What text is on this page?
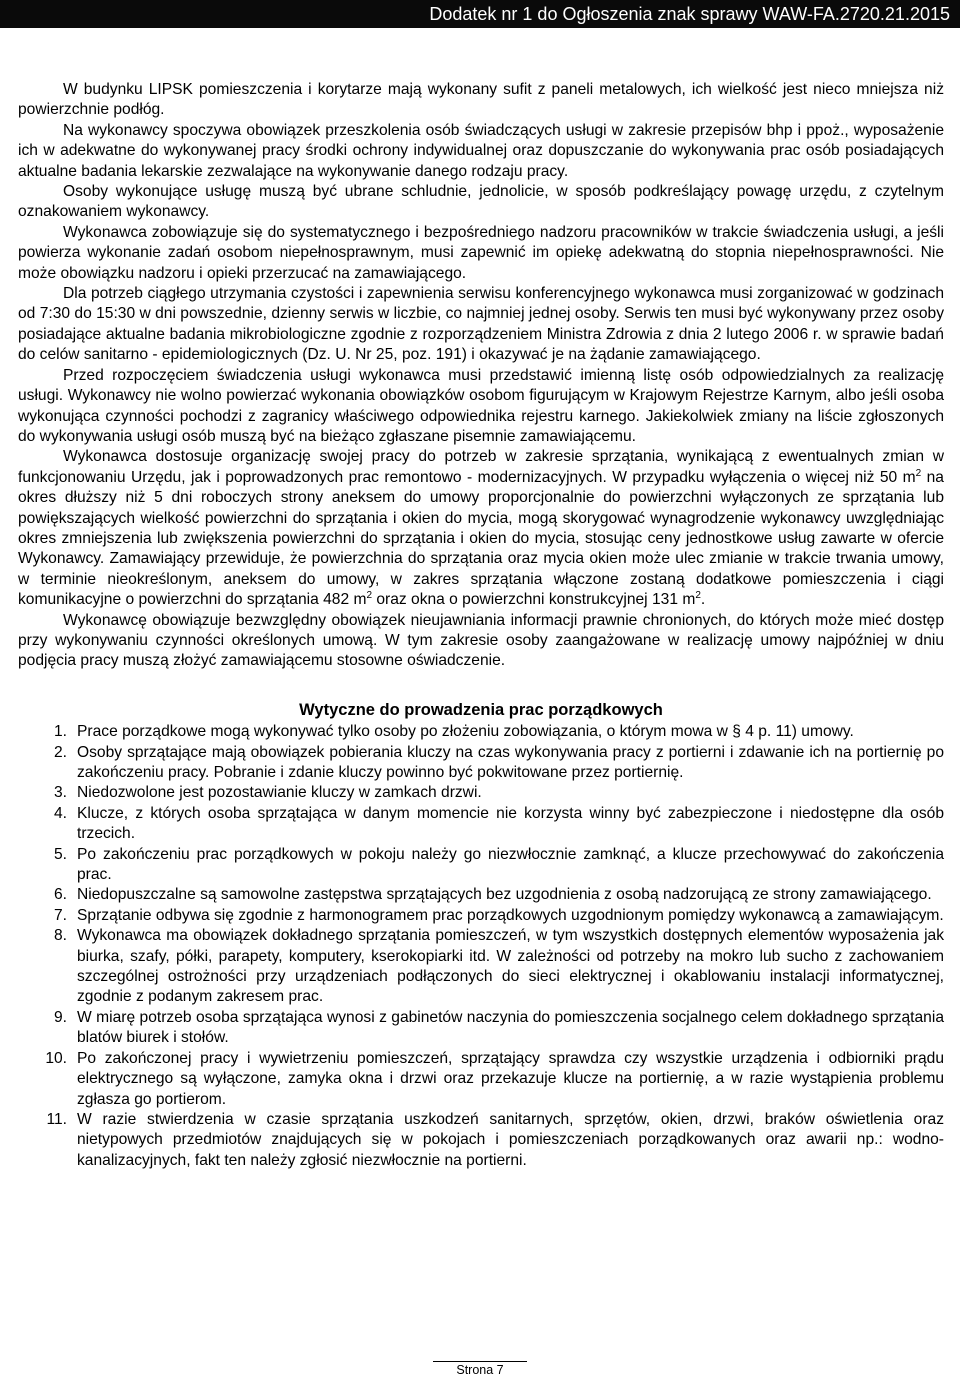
Dodatek nr 1 do Ogłoszenia znak sprawy WAW-FA.2720.21.2015

W budynku LIPSK pomieszczenia i korytarze mają wykonany sufit z paneli metalowych, ich wielkość jest nieco mniejsza niż powierzchnie podłóg.

Na wykonawcy spoczywa obowiązek przeszkolenia osób świadczących usługi w zakresie przepisów bhp i ppoż., wyposażenie ich w adekwatne do wykonywanej pracy środki ochrony indywidualnej oraz dopuszczanie do wykonywania prac osób posiadających aktualne badania lekarskie zezwalające na wykonywanie danego rodzaju pracy.

Osoby wykonujące usługę muszą być ubrane schludnie, jednolicie, w sposób podkreślający powagę urzędu, z czytelnym oznakowaniem wykonawcy.

Wykonawca zobowiązuje się do systematycznego i bezpośredniego nadzoru pracowników w trakcie świadczenia usługi, a jeśli powierza wykonanie zadań osobom niepełnosprawnym, musi zapewnić im opiekę adekwatną do stopnia niepełnosprawności. Nie może obowiązku nadzoru i opieki przerzucać na zamawiającego.

Dla potrzeb ciągłego utrzymania czystości i zapewnienia serwisu konferencyjnego wykonawca musi zorganizować w godzinach od 7:30 do 15:30 w dni powszednie, dzienny serwis w liczbie, co najmniej jednej osoby. Serwis ten musi być wykonywany przez osoby posiadające aktualne badania mikrobiologiczne zgodnie z rozporządzeniem Ministra Zdrowia z dnia 2 lutego 2006 r. w sprawie badań do celów sanitarno - epidemiologicznych (Dz. U. Nr 25, poz. 191) i okazywać je na żądanie zamawiającego.

Przed rozpoczęciem świadczenia usługi wykonawca musi przedstawić imienną listę osób odpowiedzialnych za realizację usługi. Wykonawcy nie wolno powierzać wykonania obowiązków osobom figurującym w Krajowym Rejestrze Karnym, albo jeśli osoba wykonująca czynności pochodzi z zagranicy właściwego odpowiednika rejestru karnego. Jakiekolwiek zmiany na liście zgłoszonych do wykonywania usługi osób muszą być na bieżąco zgłaszane pisemnie zamawiającemu.

Wykonawca dostosuje organizację swojej pracy do potrzeb w zakresie sprzątania, wynikającą z ewentualnych zmian w funkcjonowaniu Urzędu, jak i poprowadzonych prac remontowo - modernizacyjnych. W przypadku wyłączenia o więcej niż 50 $m^2$ na okres dłuższy niż 5 dni roboczych strony aneksem do umowy proporcjonalnie do powierzchni wyłączonych ze sprzątania lub powiększających wielkość powierzchni do sprzątania i okien do mycia, mogą skorygować wynagrodzenie wykonawcy uwzględniając okres zmniejszenia lub zwiększenia powierzchni do sprzątania i okien do mycia, stosując ceny jednostkowe usług zawarte w ofercie Wykonawcy. Zamawiający przewiduje, że powierzchnia do sprzątania oraz mycia okien może ulec zmianie w trakcie trwania umowy, w terminie nieokreślonym, aneksem do umowy, w zakres sprzątania włączone zostaną dodatkowe pomieszczenia i ciągi komunikacyjne o powierzchni do sprzątania 482 $m^2$ oraz okna o powierzchni konstrukcyjnej 131 $m^2$.

Wykonawcę obowiązuje bezwzględny obowiązek nieujawniania informacji prawnie chronionych, do których może mieć dostęp przy wykonywaniu czynności określonych umową. W tym zakresie osoby zaangażowane w realizację umowy najpóźniej w dniu podjęcia pracy muszą złożyć zamawiającemu stosowne oświadczenie.

Wytyczne do prowadzenia prac porządkowych
1. Prace porządkowe mogą wykonywać tylko osoby po złożeniu zobowiązania, o którym mowa w § 4 p. 11) umowy.
2. Osoby sprzątające mają obowiązek pobierania kluczy na czas wykonywania pracy z portierni i zdawanie ich na portiernię po zakończeniu pracy. Pobranie i zdanie kluczy powinno być pokwitowane przez portiernię.
3. Niedozwolone jest pozostawianie kluczy w zamkach drzwi.
4. Klucze, z których osoba sprzątająca w danym momencie nie korzysta winny być zabezpieczone i niedostępne dla osób trzecich.
5. Po zakończeniu prac porządkowych w pokoju należy go niezwłocznie zamknąć, a klucze przechowywać do zakończenia prac.
6. Niedopuszczalne są samowolne zastępstwa sprzątających bez uzgodnienia z osobą nadzorującą ze strony zamawiającego.
7. Sprzątanie odbywa się zgodnie z harmonogramem prac porządkowych uzgodnionym pomiędzy wykonawcą a zamawiającym.
8. Wykonawca ma obowiązek dokładnego sprzątania pomieszczeń, w tym wszystkich dostępnych elementów wyposażenia jak biurka, szafy, półki, parapety, komputery, kserokopiarki itd. W zależności od potrzeby na mokro lub sucho z zachowaniem szczególnej ostrożności przy urządzeniach podłączonych do sieci elektrycznej i okablowaniu instalacji informatycznej, zgodnie z podanym zakresem prac.
9. W miarę potrzeb osoba sprzątająca wynosi z gabinetów naczynia do pomieszczenia socjalnego celem dokładnego sprzątania blatów biurek i stołów.
10. Po zakończonej pracy i wywietrzeniu pomieszczeń, sprzątający sprawdza czy wszystkie urządzenia i odbiorniki prądu elektrycznego są wyłączone, zamyka okna i drzwi oraz przekazuje klucze na portiernię, a w razie wystąpienia problemu zgłasza go portierom.
11. W razie stwierdzenia w czasie sprzątania uszkodzeń sanitarnych, sprzętów, okien, drzwi, braków oświetlenia oraz nietypowych przedmiotów znajdujących się w pokojach i pomieszczeniach porządkowanych oraz awarii np.: wodno-kanalizacyjnych, fakt ten należy zgłosić niezwłocznie na portierni.
Strona 7
